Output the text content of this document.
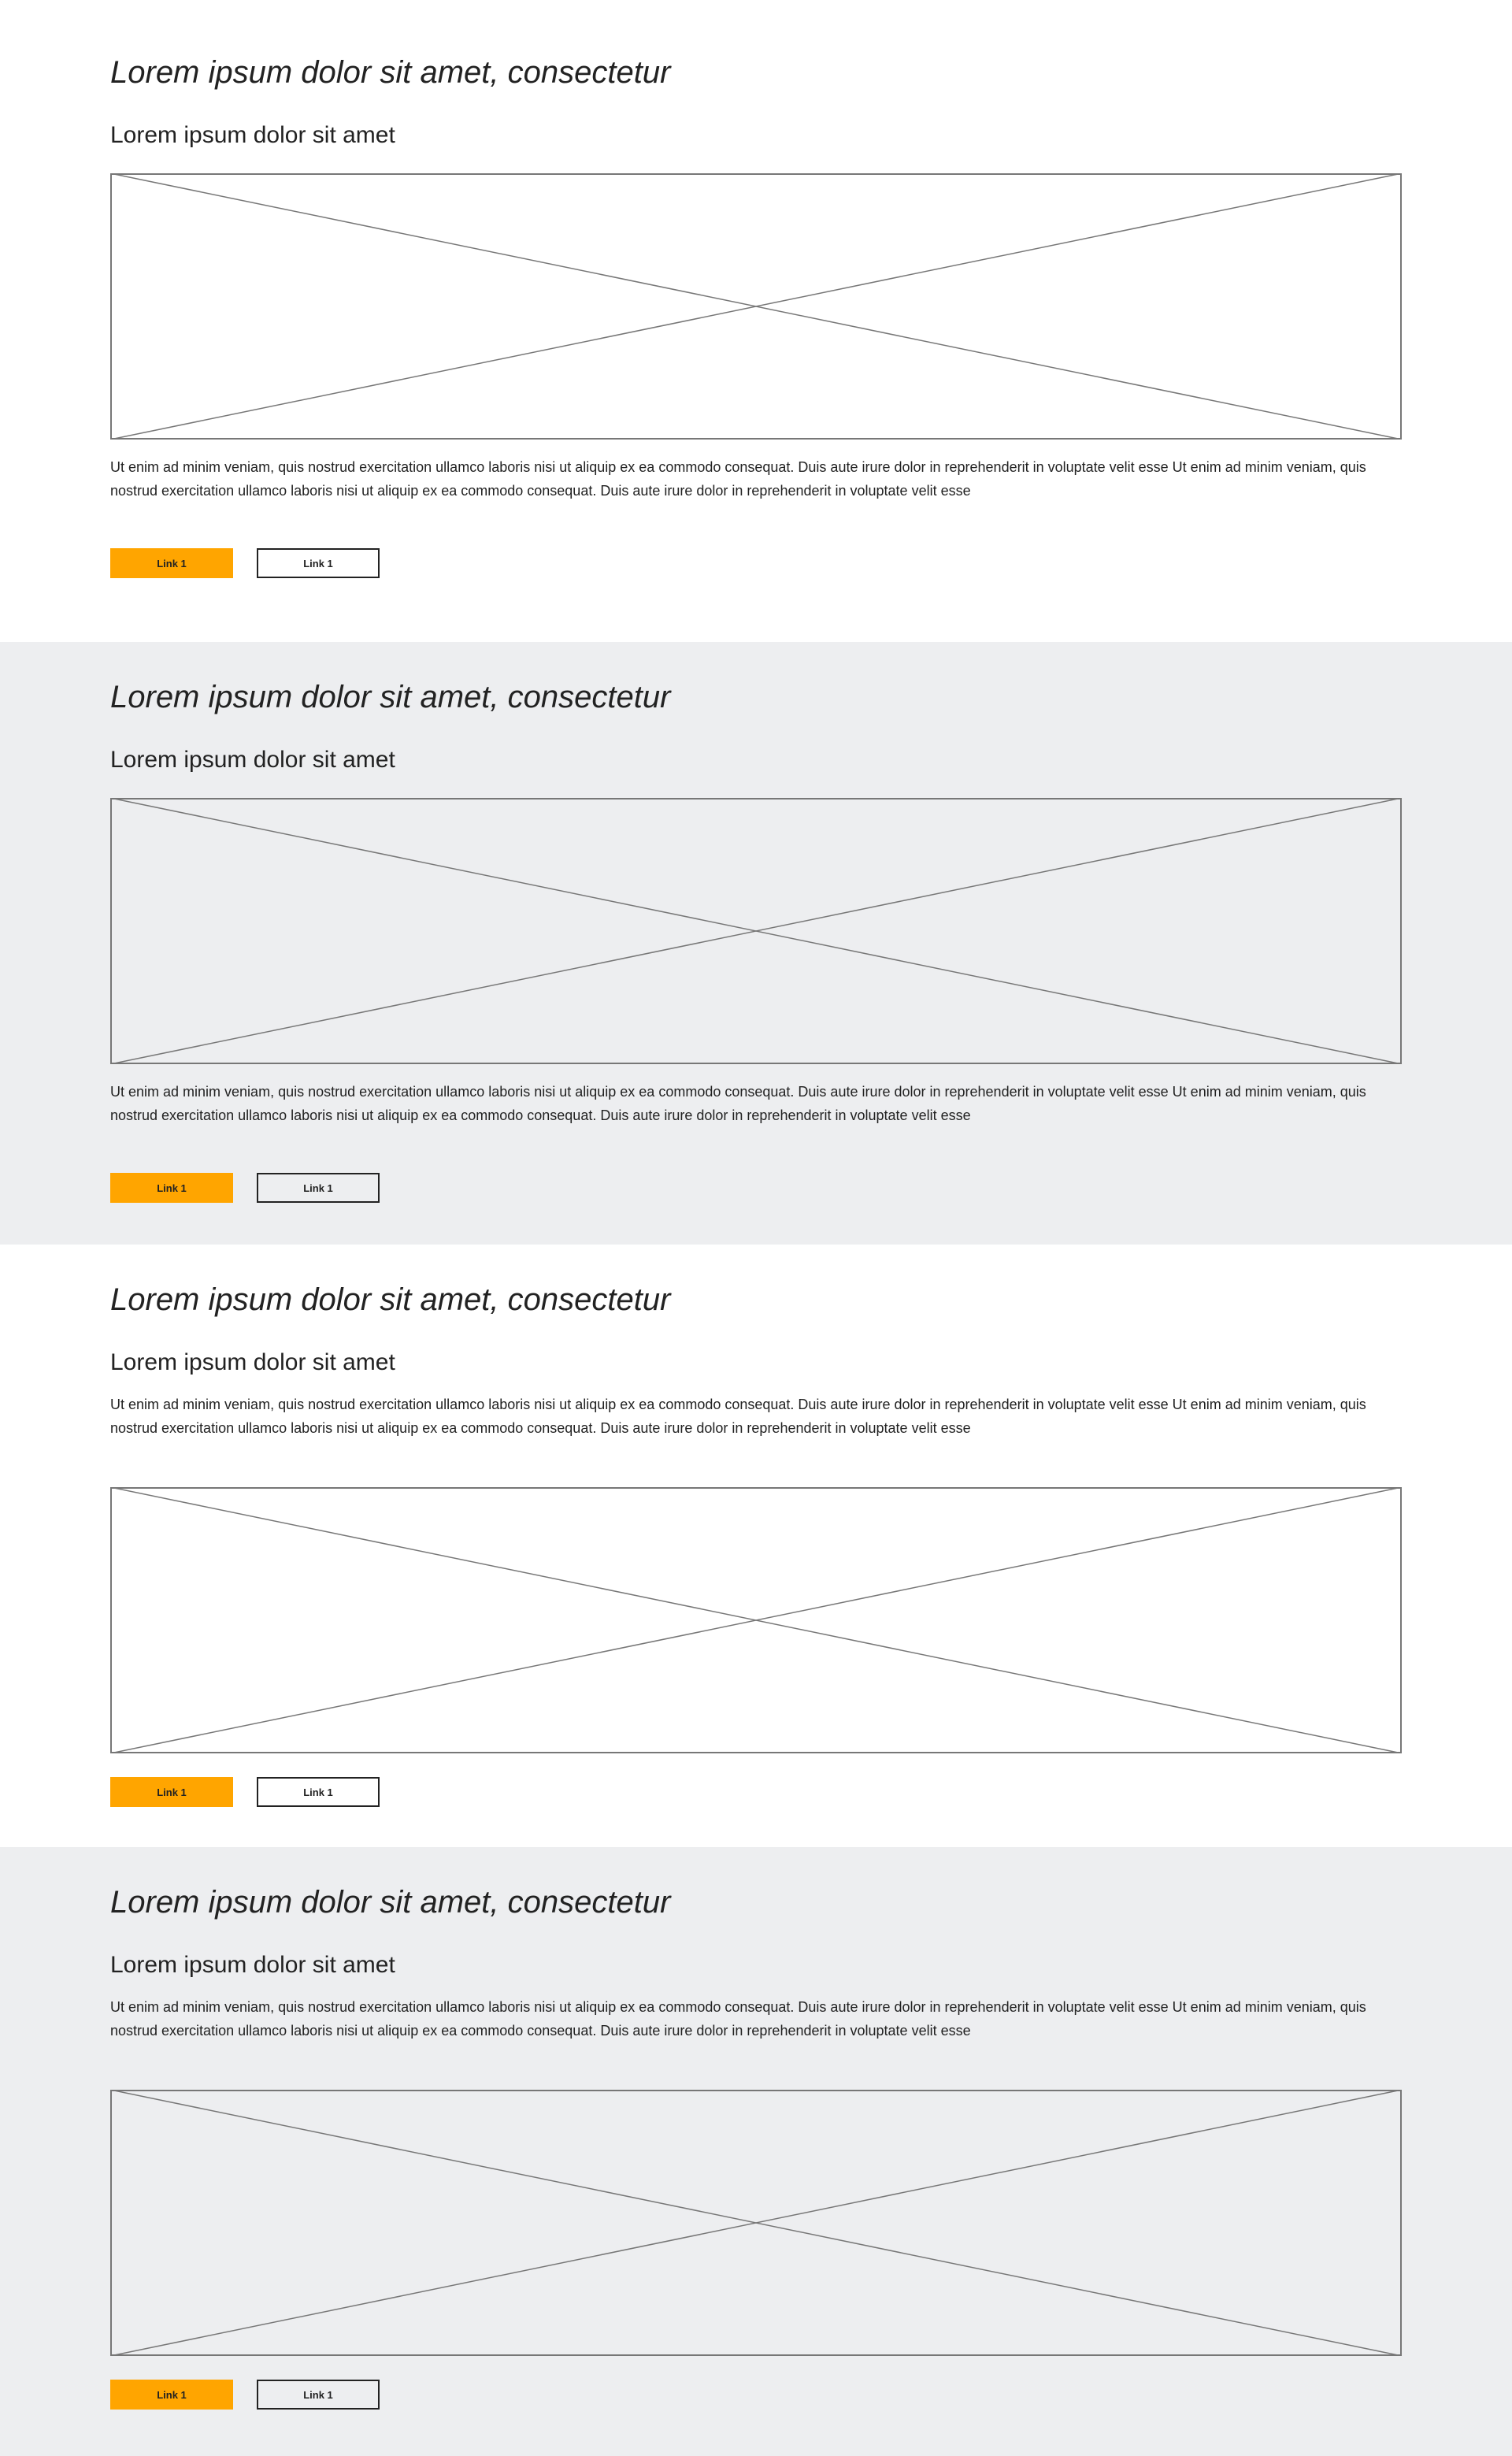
Lorem ipsum dolor sit amet, consectetur
Lorem ipsum dolor sit amet

Ut enim ad minim veniam, quis nostrud exercitation ullamco laboris nisi ut aliquip ex ea commodo consequat. Duis aute irure dolor in reprehenderit in voluptate velit esse Ut enim ad minim veniam, quis nostrud exercitation ullamco laboris nisi ut aliquip ex ea commodo consequat. Duis aute irure dolor in reprehenderit in voluptate velit esse

Link 1	Link 1
Lorem ipsum dolor sit amet, consectetur
Lorem ipsum dolor sit amet

Ut enim ad minim veniam, quis nostrud exercitation ullamco laboris nisi ut aliquip ex ea commodo consequat. Duis aute irure dolor in reprehenderit in voluptate velit esse Ut enim ad minim veniam, quis nostrud exercitation ullamco laboris nisi ut aliquip ex ea commodo consequat. Duis aute irure dolor in reprehenderit in voluptate velit esse

Link 1	Link 1
Lorem ipsum dolor sit amet, consectetur
Lorem ipsum dolor sit amet

Ut enim ad minim veniam, quis nostrud exercitation ullamco laboris nisi ut aliquip ex ea commodo consequat. Duis aute irure dolor in reprehenderit in voluptate velit esse Ut enim ad minim veniam, quis nostrud exercitation ullamco laboris nisi ut aliquip ex ea commodo consequat. Duis aute irure dolor in reprehenderit in voluptate velit esse

Link 1	Link 1
Lorem ipsum dolor sit amet, consectetur
Lorem ipsum dolor sit amet

Ut enim ad minim veniam, quis nostrud exercitation ullamco laboris nisi ut aliquip ex ea commodo consequat. Duis aute irure dolor in reprehenderit in voluptate velit esse Ut enim ad minim veniam, quis nostrud exercitation ullamco laboris nisi ut aliquip ex ea commodo consequat. Duis aute irure dolor in reprehenderit in voluptate velit esse

Link 1	Link 1
